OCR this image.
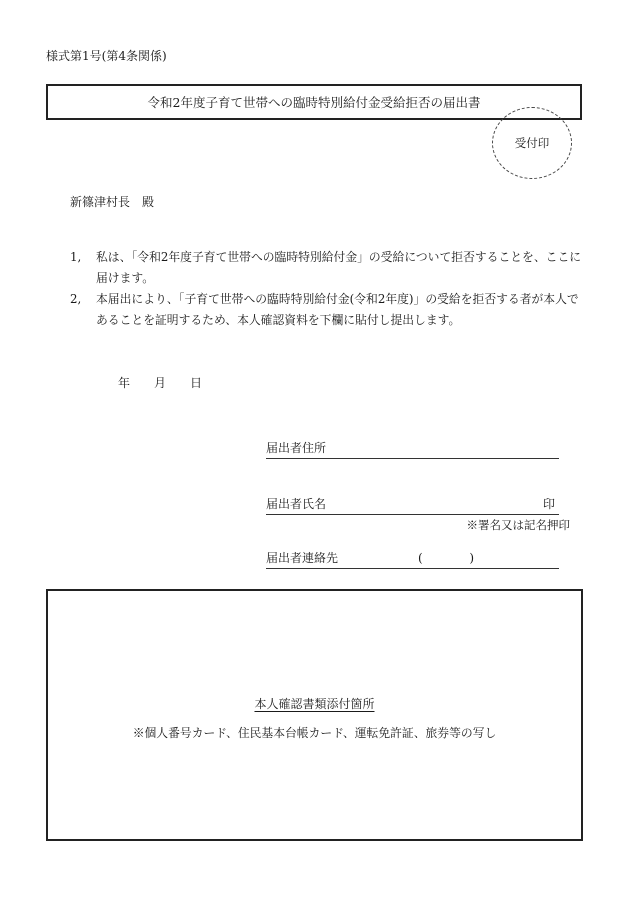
様式第1号(第4条関係)
令和2年度子育て世帯への臨時特別給付金受給拒否の届出書
受付印
新篠津村長　殿
1,	私は、「令和2年度子育て世帯への臨時特別給付金」の受給について拒否することを、ここに届けます。
2,	本届出により、「子育て世帯への臨時特別給付金(令和2年度)」の受給を拒否する者が本人であることを証明するため、本人確認資料を下欄に貼付し提出します。
年 月 日
届出者住所
届出者氏名	印
※署名又は記名押印
届出者連絡先	(	)
本人確認書類添付箇所
※個人番号カード、住民基本台帳カード、運転免許証、旅券等の写し
